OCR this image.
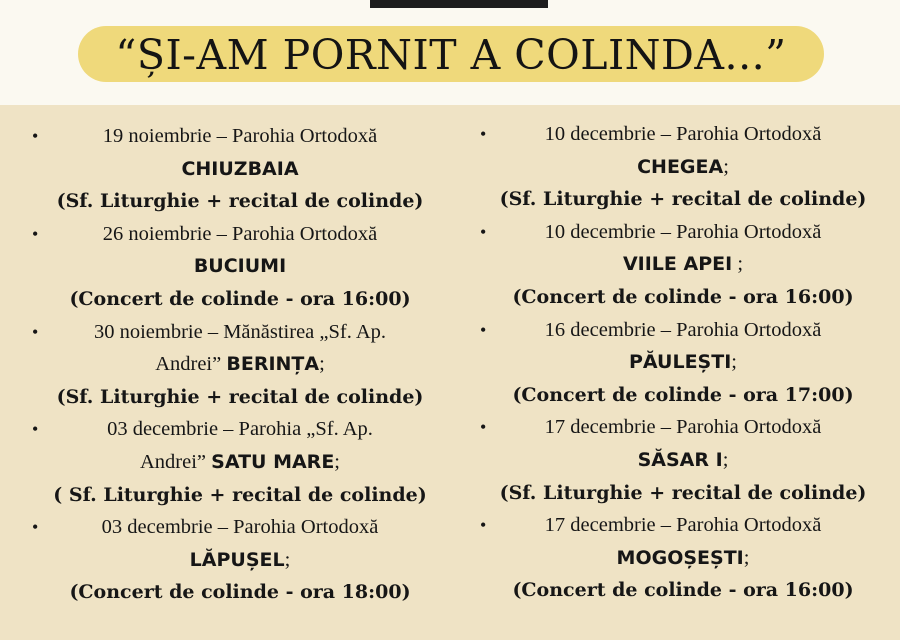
“ȘI-AM PORNIT A COLINDA...”
•	19 noiembrie – Parohia Ortodoxă
CHIUZBAIA
(Sf. Liturghie + recital de colinde)
•	26 noiembrie – Parohia Ortodoxă
BUCIUMI
(Concert de colinde - ora 16:00)
•	30 noiembrie – Mănăstirea „Sf. Ap.
Andrei” BERINȚA;
(Sf. Liturghie + recital de colinde)
•	03 decembrie – Parohia „Sf. Ap.
Andrei” SATU MARE;
( Sf. Liturghie + recital de colinde)
•	03 decembrie – Parohia Ortodoxă
LĂPUȘEL;
(Concert de colinde - ora 18:00)
•	10 decembrie – Parohia Ortodoxă
CHEGEA;
(Sf. Liturghie + recital de colinde)
•	10 decembrie – Parohia Ortodoxă
VIILE APEI ;
(Concert de colinde - ora 16:00)
•	16 decembrie – Parohia Ortodoxă
PĂULEȘTI;
(Concert de colinde - ora 17:00)
•	17 decembrie – Parohia Ortodoxă
SĂSAR I;
(Sf. Liturghie + recital de colinde)
•	17 decembrie – Parohia Ortodoxă
MOGOȘEȘTI;
(Concert de colinde - ora 16:00)
